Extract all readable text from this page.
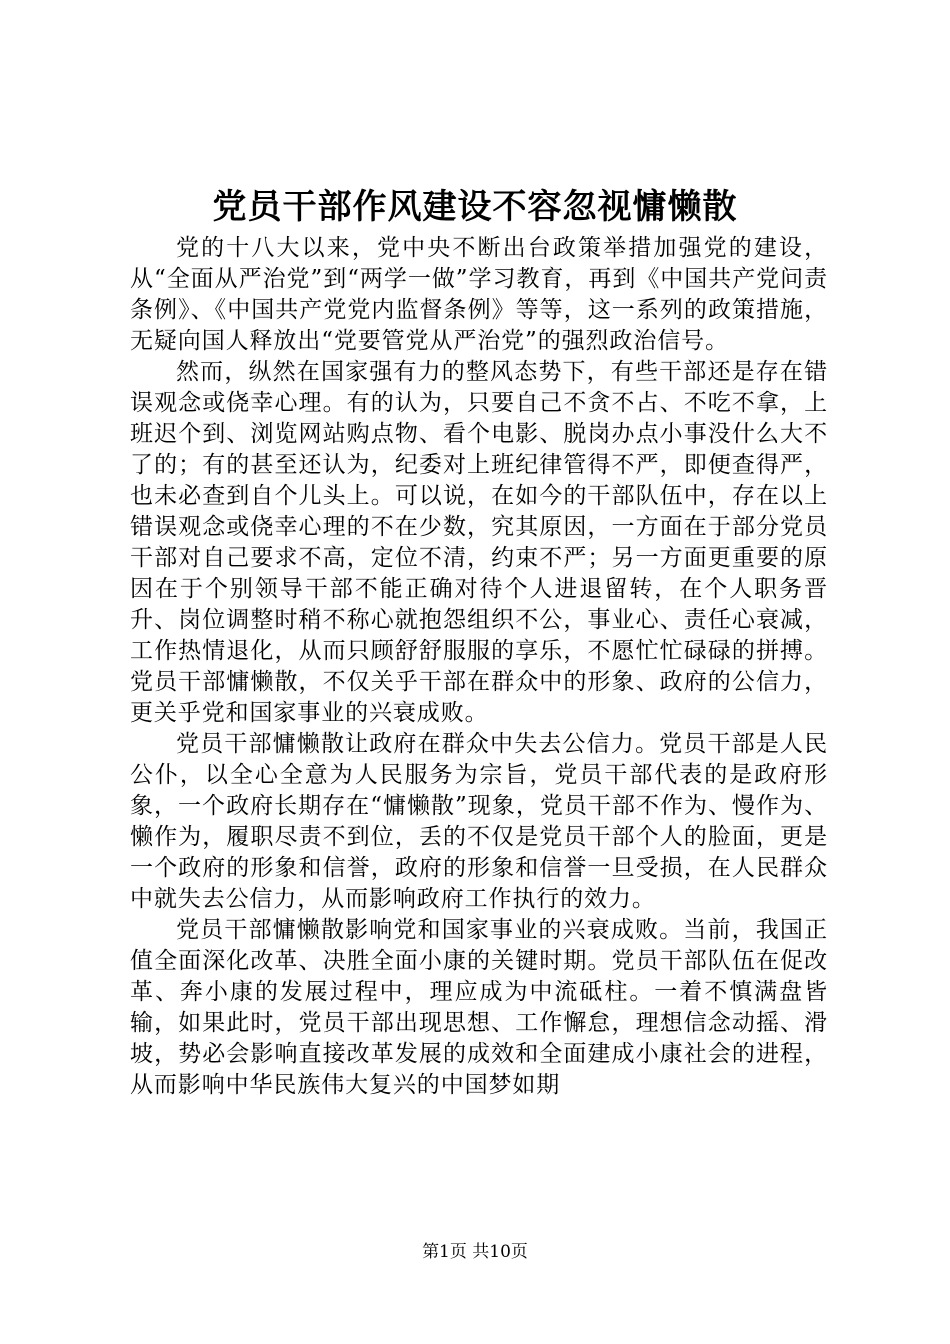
党员干部作风建设不容忽视慵懒散

党的十八大以来，党中央不断出台政策举措加强党的建设，从“全面从严治党”到“两学一做”学习教育，再到《中国共产党问责条例》、《中国共产党党内监督条例》等等，这一系列的政策措施，无疑向国人释放出“党要管党从严治党”的强烈政治信号。

然而，纵然在国家强有力的整风态势下，有些干部还是存在错误观念或侥幸心理。有的认为，只要自己不贪不占、不吃不拿，上班迟个到、浏览网站购点物、看个电影、脱岗办点小事没什么大不了的；有的甚至还认为，纪委对上班纪律管得不严，即便查得严，也未必查到自个儿头上。可以说，在如今的干部队伍中，存在以上错误观念或侥幸心理的不在少数，究其原因，一方面在于部分党员干部对自己要求不高，定位不清，约束不严；另一方面更重要的原因在于个别领导干部不能正确对待个人进退留转，在个人职务晋升、岗位调整时稍不称心就抱怨组织不公，事业心、责任心衰减，工作热情退化，从而只顾舒舒服服的享乐，不愿忙忙碌碌的拼搏。党员干部慵懒散，不仅关乎干部在群众中的形象、政府的公信力，更关乎党和国家事业的兴衰成败。

党员干部慵懒散让政府在群众中失去公信力。党员干部是人民公仆，以全心全意为人民服务为宗旨，党员干部代表的是政府形象，一个政府长期存在“慵懒散”现象，党员干部不作为、慢作为、懒作为，履职尽责不到位，丢的不仅是党员干部个人的脸面，更是一个政府的形象和信誉，政府的形象和信誉一旦受损，在人民群众中就失去公信力，从而影响政府工作执行的效力。

党员干部慵懒散影响党和国家事业的兴衰成败。当前，我国正值全面深化改革、决胜全面小康的关键时期。党员干部队伍在促改革、奔小康的发展过程中，理应成为中流砥柱。一着不慎满盘皆输，如果此时，党员干部出现思想、工作懈怠，理想信念动摇、滑坡，势必会影响直接改革发展的成效和全面建成小康社会的进程，从而影响中华民族伟大复兴的中国梦如期

第1页 共10页
